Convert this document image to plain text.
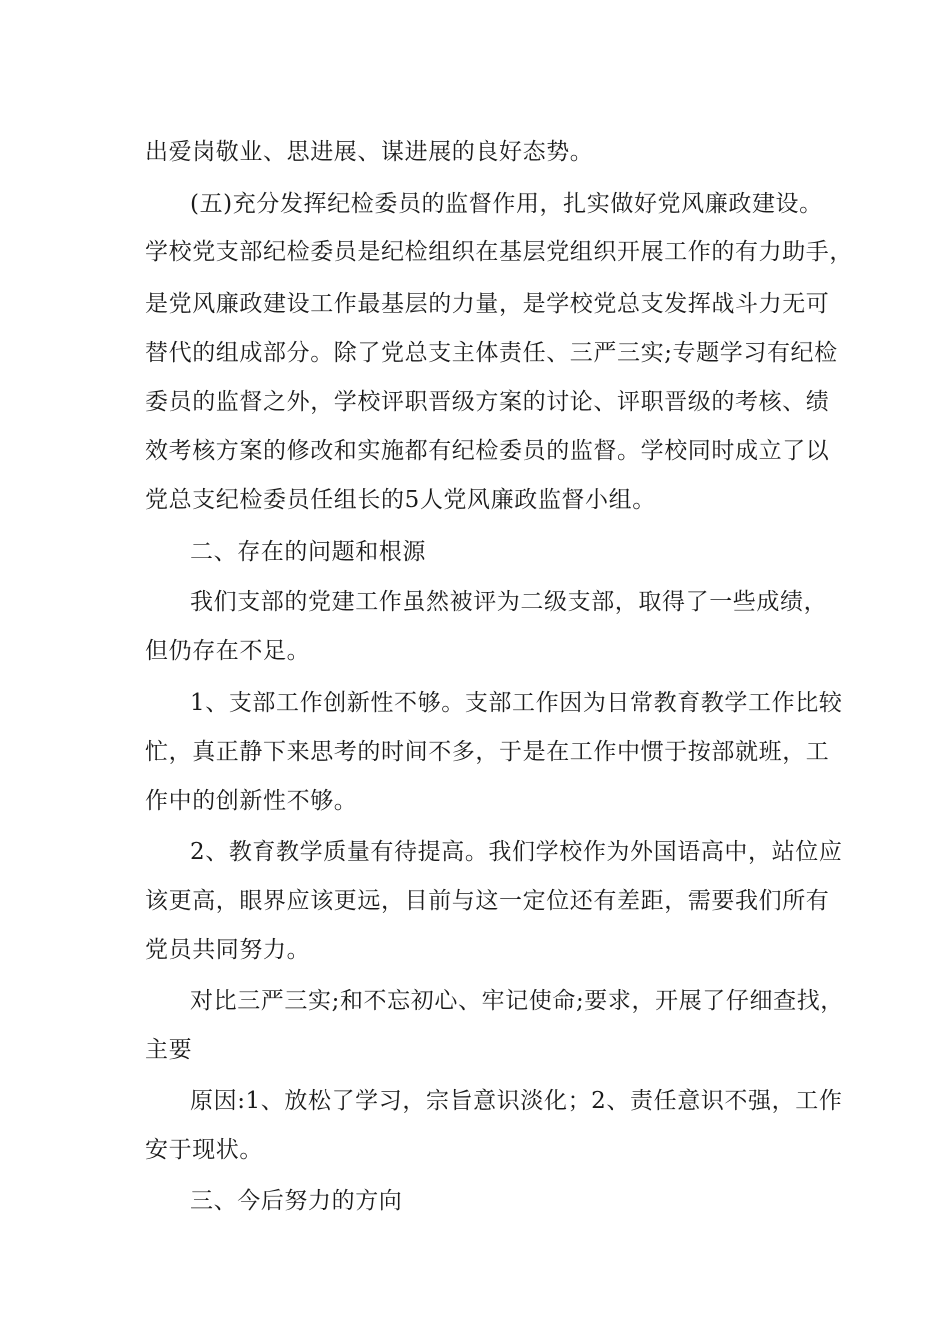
出爱岗敬业、思进展、谋进展的良好态势。
(五)充分发挥纪检委员的监督作用，扎实做好党风廉政建设。
学校党支部纪检委员是纪检组织在基层党组织开展工作的有力助手，
是党风廉政建设工作最基层的力量，是学校党总支发挥战斗力无可
替代的组成部分。除了党总支主体责任、三严三实;专题学习有纪检
委员的监督之外，学校评职晋级方案的讨论、评职晋级的考核、绩
效考核方案的修改和实施都有纪检委员的监督。学校同时成立了以
党总支纪检委员任组长的5人党风廉政监督小组。
二、存在的问题和根源
我们支部的党建工作虽然被评为二级支部，取得了一些成绩，
但仍存在不足。
1、支部工作创新性不够。支部工作因为日常教育教学工作比较
忙，真正静下来思考的时间不多，于是在工作中惯于按部就班，工
作中的创新性不够。
2、教育教学质量有待提高。我们学校作为外国语高中，站位应
该更高，眼界应该更远，目前与这一定位还有差距，需要我们所有
党员共同努力。
对比三严三实;和不忘初心、牢记使命;要求，开展了仔细查找，
主要
原因:1、放松了学习，宗旨意识淡化；2、责任意识不强，工作
安于现状。
三、今后努力的方向
